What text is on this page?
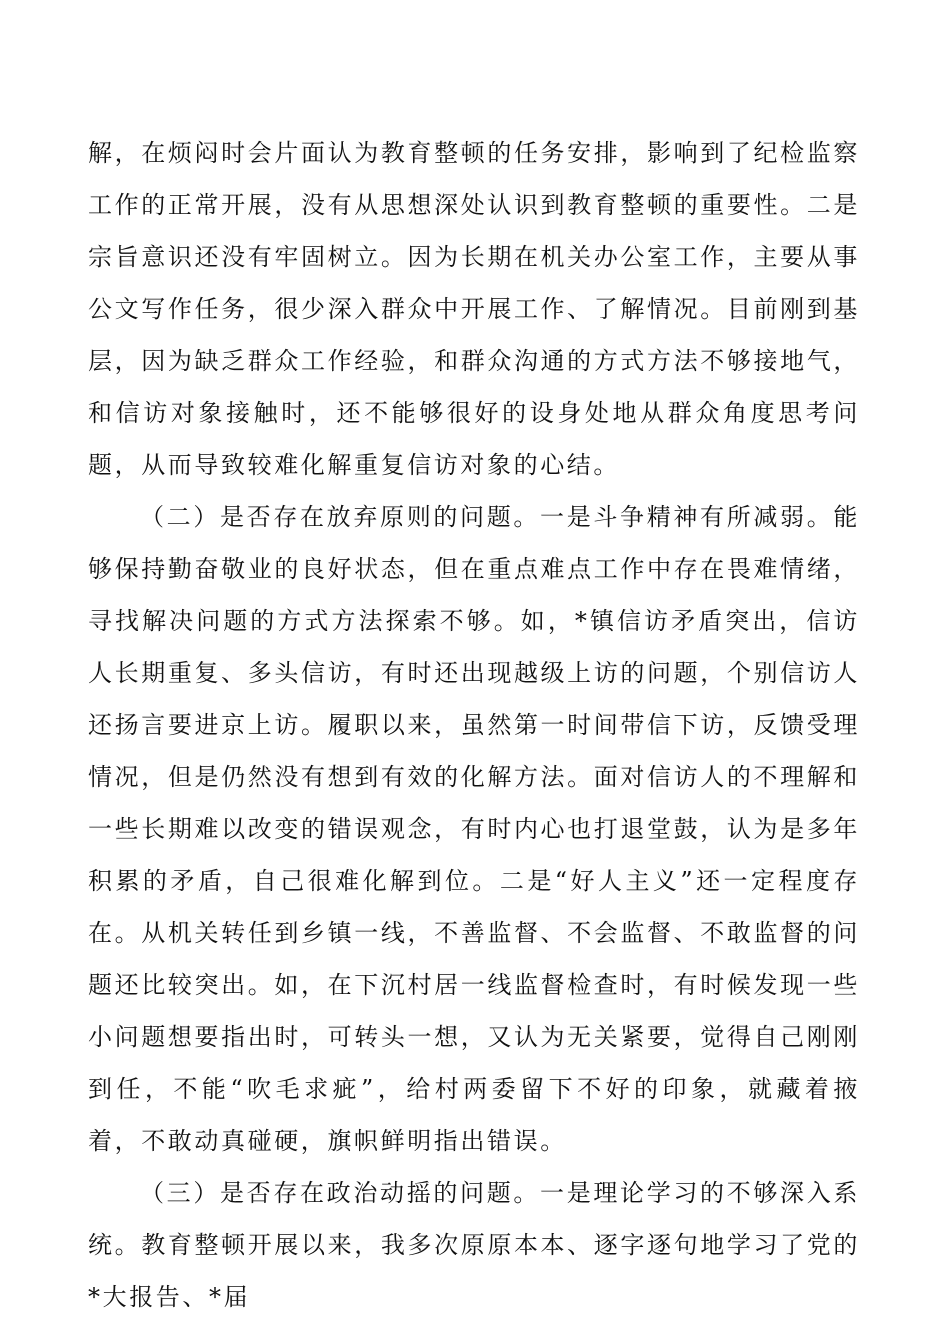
解，在烦闷时会片面认为教育整顿的任务安排，影响到了纪检监察工作的正常开展，没有从思想深处认识到教育整顿的重要性。二是宗旨意识还没有牢固树立。因为长期在机关办公室工作，主要从事公文写作任务，很少深入群众中开展工作、了解情况。目前刚到基层，因为缺乏群众工作经验，和群众沟通的方式方法不够接地气，和信访对象接触时，还不能够很好的设身处地从群众角度思考问题，从而导致较难化解重复信访对象的心结。

（二）是否存在放弃原则的问题。一是斗争精神有所减弱。能够保持勤奋敬业的良好状态，但在重点难点工作中存在畏难情绪，寻找解决问题的方式方法探索不够。如，*镇信访矛盾突出，信访人长期重复、多头信访，有时还出现越级上访的问题，个别信访人还扬言要进京上访。履职以来，虽然第一时间带信下访，反馈受理情况，但是仍然没有想到有效的化解方法。面对信访人的不理解和一些长期难以改变的错误观念，有时内心也打退堂鼓，认为是多年积累的矛盾，自己很难化解到位。二是“好人主义”还一定程度存在。从机关转任到乡镇一线，不善监督、不会监督、不敢监督的问题还比较突出。如，在下沉村居一线监督检查时，有时候发现一些小问题想要指出时，可转头一想，又认为无关紧要，觉得自己刚刚到任，不能“吹毛求疵”，给村两委留下不好的印象，就藏着掖着，不敢动真碰硬，旗帜鲜明指出错误。

（三）是否存在政治动摇的问题。一是理论学习的不够深入系统。教育整顿开展以来，我多次原原本本、逐字逐句地学习了党的*大报告、*届
